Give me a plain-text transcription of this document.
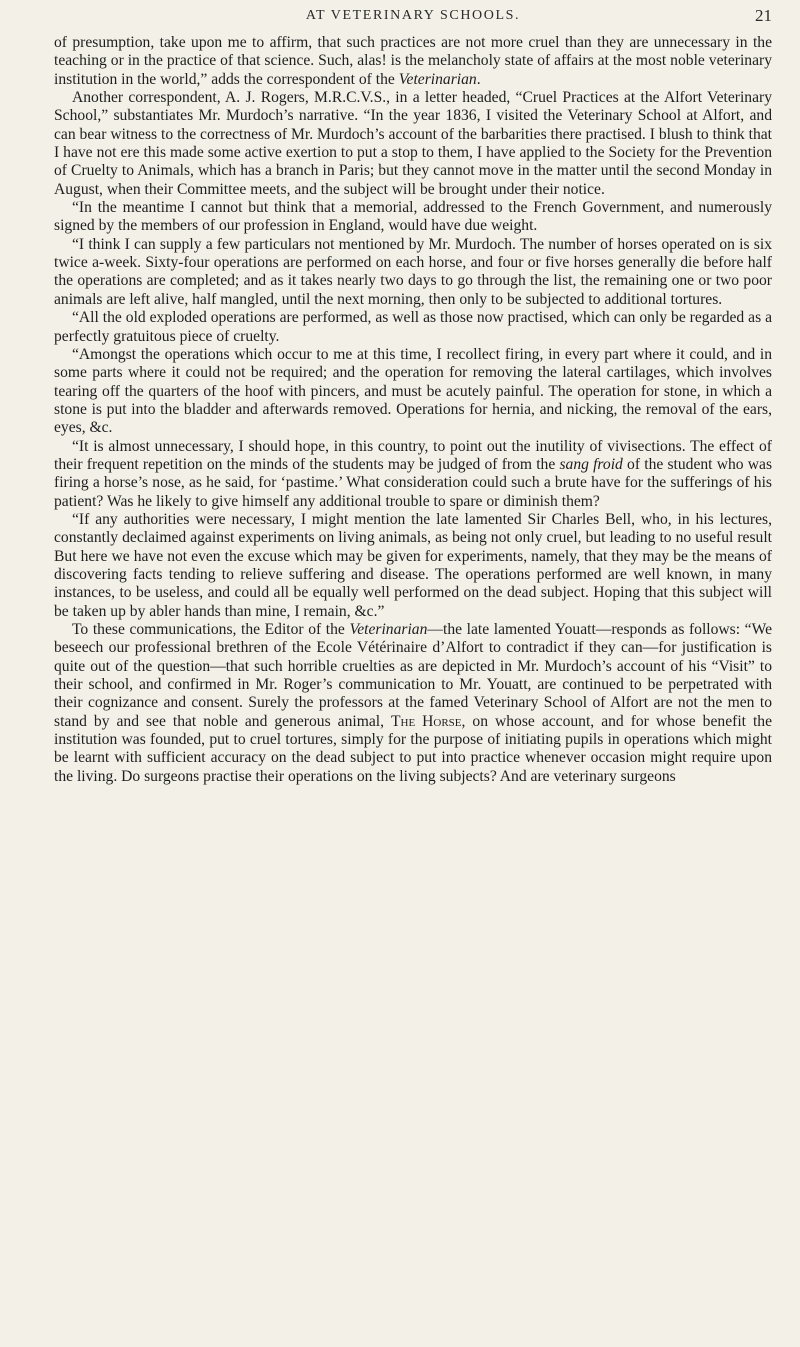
AT VETERINARY SCHOOLS.	21

of presumption, take upon me to affirm, that such practices are not more cruel than they are unnecessary in the teaching or in the practice of that science. Such, alas! is the melancholy state of affairs at the most noble veterinary institution in the world,” adds the correspondent of the Veterinarian.

Another correspondent, A. J. Rogers, M.R.C.V.S., in a letter headed, “Cruel Practices at the Alfort Veterinary School,” substantiates Mr. Murdoch’s narrative. “In the year 1836, I visited the Veterinary School at Alfort, and can bear witness to the correctness of Mr. Murdoch’s account of the barbarities there practised. I blush to think that I have not ere this made some active exertion to put a stop to them, I have applied to the Society for the Prevention of Cruelty to Animals, which has a branch in Paris; but they cannot move in the matter until the second Monday in August, when their Committee meets, and the subject will be brought under their notice.

“In the meantime I cannot but think that a memorial, addressed to the French Government, and numerously signed by the members of our profession in England, would have due weight.

“I think I can supply a few particulars not mentioned by Mr. Murdoch. The number of horses operated on is six twice a-week. Sixty-four operations are performed on each horse, and four or five horses generally die before half the operations are completed; and as it takes nearly two days to go through the list, the remaining one or two poor animals are left alive, half mangled, until the next morning, then only to be subjected to additional tortures.

“All the old exploded operations are performed, as well as those now practised, which can only be regarded as a perfectly gratuitous piece of cruelty.

“Amongst the operations which occur to me at this time, I recollect firing, in every part where it could, and in some parts where it could not be required; and the operation for removing the lateral cartilages, which involves tearing off the quarters of the hoof with pincers, and must be acutely painful. The operation for stone, in which a stone is put into the bladder and afterwards removed. Operations for hernia, and nicking, the removal of the ears, eyes, &c.

“It is almost unnecessary, I should hope, in this country, to point out the inutility of vivisections. The effect of their frequent repetition on the minds of the students may be judged of from the sang froid of the student who was firing a horse’s nose, as he said, for ‘pastime.’ What consideration could such a brute have for the sufferings of his patient? Was he likely to give himself any additional trouble to spare or diminish them?

“If any authorities were necessary, I might mention the late lamented Sir Charles Bell, who, in his lectures, constantly declaimed against experiments on living animals, as being not only cruel, but leading to no useful result But here we have not even the excuse which may be given for experiments, namely, that they may be the means of discovering facts tending to relieve suffering and disease. The operations performed are well known, in many instances, to be useless, and could all be equally well performed on the dead subject. Hoping that this subject will be taken up by abler hands than mine, I remain, &c.”

To these communications, the Editor of the Veterinarian—the late lamented Youatt—responds as follows: “We beseech our professional brethren of the Ecole Vétérinaire d’Alfort to contradict if they can—for justification is quite out of the question—that such horrible cruelties as are depicted in Mr. Murdoch’s account of his “Visit” to their school, and confirmed in Mr. Roger’s communication to Mr. Youatt, are continued to be perpetrated with their cognizance and consent. Surely the professors at the famed Veterinary School of Alfort are not the men to stand by and see that noble and generous animal, The Horse, on whose account, and for whose benefit the institution was founded, put to cruel tortures, simply for the purpose of initiating pupils in operations which might be learnt with sufficient accuracy on the dead subject to put into practice whenever occasion might require upon the living. Do surgeons practise their operations on the living subjects? And are veterinary surgeons
